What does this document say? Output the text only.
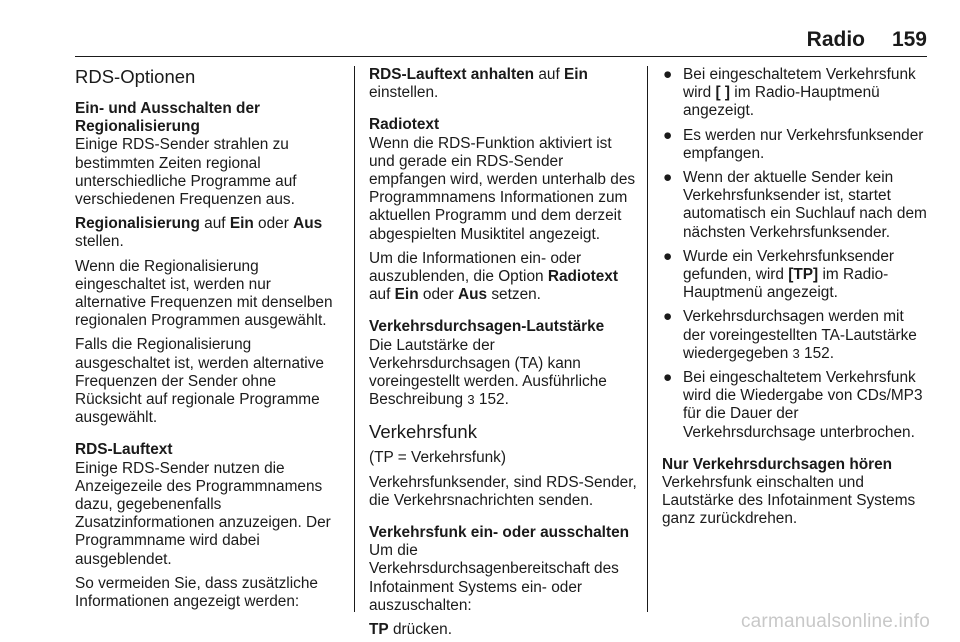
Radio 159
RDS-Optionen
Ein- und Ausschalten der Regionalisierung
Einige RDS-Sender strahlen zu bestimmten Zeiten regional unterschiedliche Programme auf verschiedenen Frequenzen aus.
Regionalisierung auf Ein oder Aus stellen.
Wenn die Regionalisierung eingeschaltet ist, werden nur alternative Frequenzen mit denselben regionalen Programmen ausgewählt.
Falls die Regionalisierung ausgeschaltet ist, werden alternative Frequenzen der Sender ohne Rücksicht auf regionale Programme ausgewählt.
RDS-Lauftext
Einige RDS-Sender nutzen die Anzeigezeile des Programmnamens dazu, gegebenenfalls Zusatzinformationen anzuzeigen. Der Programmname wird dabei ausgeblendet.
So vermeiden Sie, dass zusätzliche Informationen angezeigt werden:
RDS-Lauftext anhalten auf Ein einstellen.
Radiotext
Wenn die RDS-Funktion aktiviert ist und gerade ein RDS-Sender empfangen wird, werden unterhalb des Programmnamens Informationen zum aktuellen Programm und dem derzeit abgespielten Musiktitel angezeigt.
Um die Informationen ein- oder auszublenden, die Option Radiotext auf Ein oder Aus setzen.
Verkehrsdurchsagen-Lautstärke
Die Lautstärke der Verkehrsdurchsagen (TA) kann voreingestellt werden. Ausführliche Beschreibung 3 152.
Verkehrsfunk
(TP = Verkehrsfunk)
Verkehrsfunksender, sind RDS-Sender, die Verkehrsnachrichten senden.
Verkehrsfunk ein- oder ausschalten
Um die Verkehrsdurchsagenbereitschaft des Infotainment Systems ein- oder auszuschalten:
TP drücken.
● Bei eingeschaltetem Verkehrsfunk wird [ ] im Radio-Hauptmenü angezeigt.
● Es werden nur Verkehrsfunksender empfangen.
● Wenn der aktuelle Sender kein Verkehrsfunksender ist, startet automatisch ein Suchlauf nach dem nächsten Verkehrsfunksender.
● Wurde ein Verkehrsfunksender gefunden, wird [TP] im Radio-Hauptmenü angezeigt.
● Verkehrsdurchsagen werden mit der voreingestellten TA-Lautstärke wiedergegeben 3 152.
● Bei eingeschaltetem Verkehrsfunk wird die Wiedergabe von CDs/MP3 für die Dauer der Verkehrsdurchsage unterbrochen.
Nur Verkehrsdurchsagen hören
Verkehrsfunk einschalten und Lautstärke des Infotainment Systems ganz zurückdrehen.
carmanualsonline.info
